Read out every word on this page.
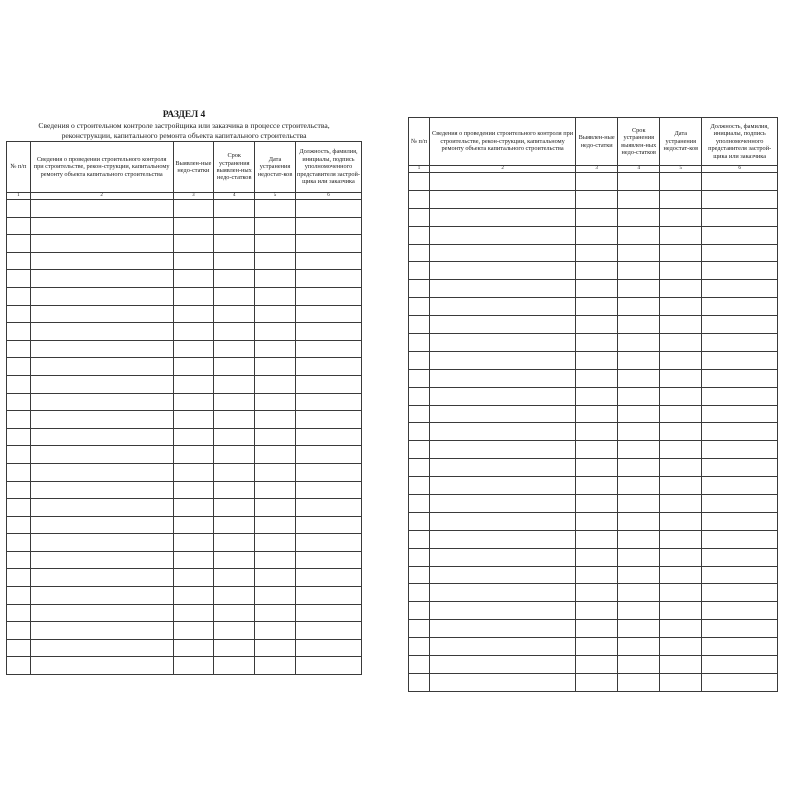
РАЗДЕЛ 4

Сведения о строительном контроле застройщика или заказчика в процессе строительства,
реконструкции, капитального ремонта объекта капитального строительства

№ п/п	Сведения о проведении строительного контроля при строительстве, рекон-струкции, капитальному ремонту объекта капитального строительства	Выявлен-ные недо-статки	Срок устранения выявлен-ных недо-статков	Дата устранения недостат-ков	Должность, фамилия, инициалы, подпись уполномоченного представителя застрой-щика или заказчика
1	2	3	4	5	6

№ п/п	Сведения о проведении строительного контроля при строительстве, рекон-струкции, капитальному ремонту объекта капитального строительства	Выявлен-ные недо-статки	Срок устранения выявлен-ных недо-статков	Дата устранения недостат-ков	Должность, фамилия, инициалы, подпись уполномоченного представителя застрой-щика или заказчика
1	2	3	4	5	6
